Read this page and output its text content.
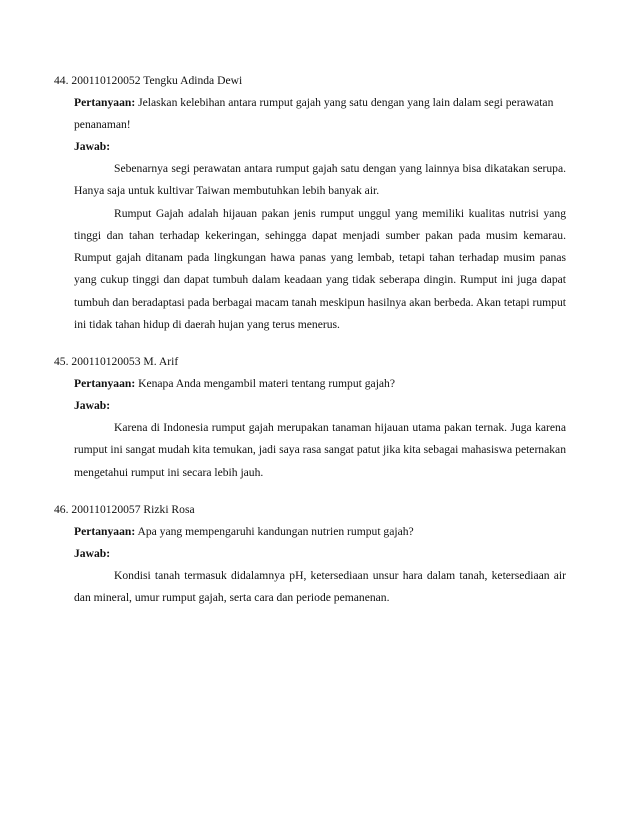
44. 200110120052 Tengku Adinda Dewi
Pertanyaan: Jelaskan kelebihan antara rumput gajah yang satu dengan yang lain dalam segi perawatan penanaman!
Jawab:
Sebenarnya segi perawatan antara rumput gajah satu dengan yang lainnya bisa dikatakan serupa. Hanya saja untuk kultivar Taiwan membutuhkan lebih banyak air.
Rumput Gajah adalah hijauan pakan jenis rumput unggul yang memiliki kualitas nutrisi yang tinggi dan tahan terhadap kekeringan, sehingga dapat menjadi sumber pakan pada musim kemarau. Rumput gajah ditanam pada lingkungan hawa panas yang lembab, tetapi tahan terhadap musim panas yang cukup tinggi dan dapat tumbuh dalam keadaan yang tidak seberapa dingin. Rumput ini juga dapat tumbuh dan beradaptasi pada berbagai macam tanah meskipun hasilnya akan berbeda. Akan tetapi rumput ini tidak tahan hidup di daerah hujan yang terus menerus.
45. 200110120053 M. Arif
Pertanyaan: Kenapa Anda mengambil materi tentang rumput gajah?
Jawab:
Karena di Indonesia rumput gajah merupakan tanaman hijauan utama pakan ternak. Juga karena rumput ini sangat mudah kita temukan, jadi saya rasa sangat patut jika kita sebagai mahasiswa peternakan mengetahui rumput ini secara lebih jauh.
46. 200110120057 Rizki Rosa
Pertanyaan: Apa yang mempengaruhi kandungan nutrien rumput gajah?
Jawab:
Kondisi tanah termasuk didalamnya pH, ketersediaan unsur hara dalam tanah, ketersediaan air dan mineral, umur rumput gajah, serta cara dan periode pemanenan.
